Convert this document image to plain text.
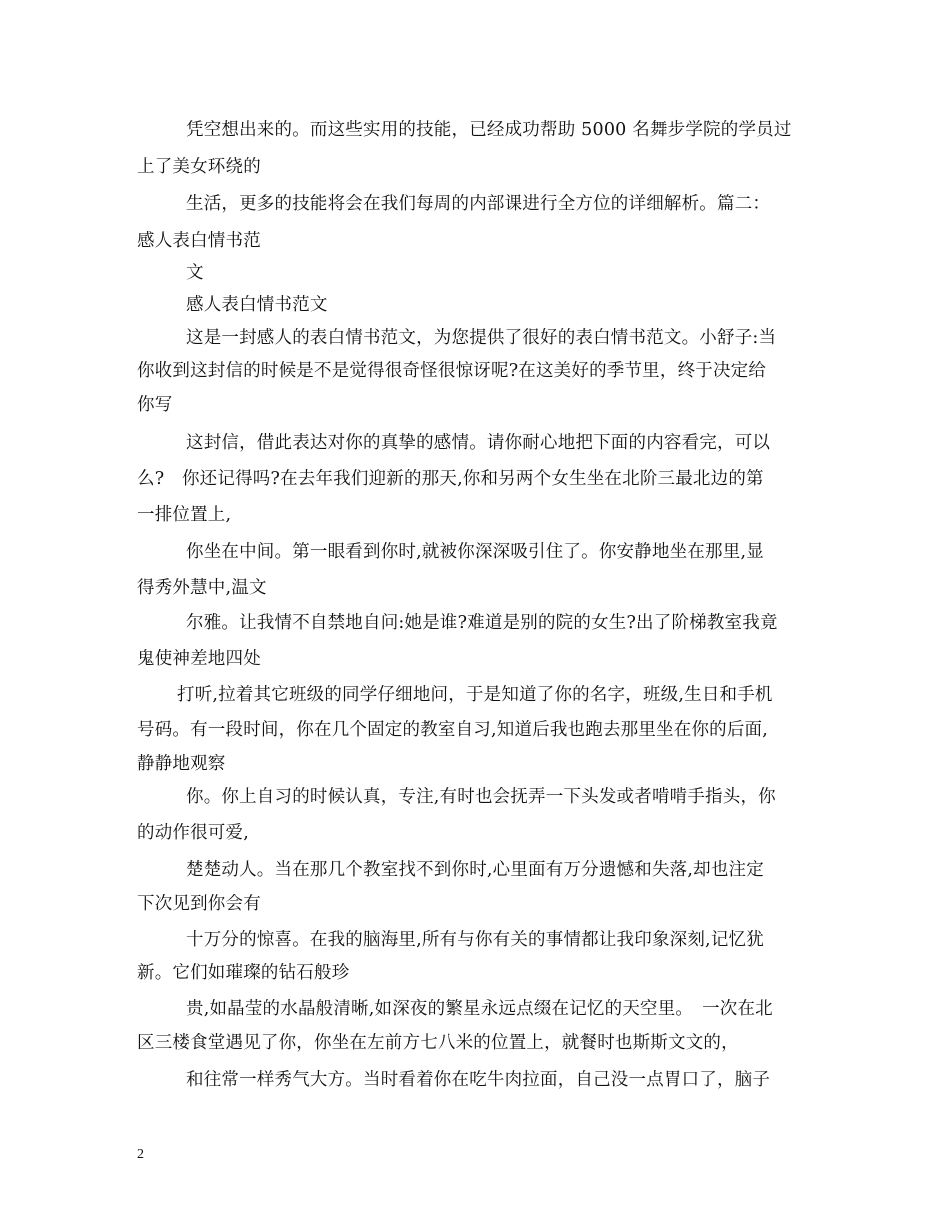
凭空想出来的。而这些实用的技能，已经成功帮助 5000 名舞步学院的学员过
上了美女环绕的
生活，更多的技能将会在我们每周的内部课进行全方位的详细解析。篇二：
感人表白情书范
文
感人表白情书范文
这是一封感人的表白情书范文，为您提供了很好的表白情书范文。小舒子:当
你收到这封信的时候是不是觉得很奇怪很惊讶呢?在这美好的季节里，终于决定给
你写
这封信，借此表达对你的真挚的感情。请你耐心地把下面的内容看完，可以
么?　你还记得吗?在去年我们迎新的那天,你和另两个女生坐在北阶三最北边的第
一排位置上,
你坐在中间。第一眼看到你时,就被你深深吸引住了。你安静地坐在那里,显
得秀外慧中,温文
尔雅。让我情不自禁地自问:她是谁?难道是别的院的女生?出了阶梯教室我竟
鬼使神差地四处
打听,拉着其它班级的同学仔细地问，于是知道了你的名字，班级,生日和手机
号码。有一段时间，你在几个固定的教室自习,知道后我也跑去那里坐在你的后面,
静静地观察
你。你上自习的时候认真，专注,有时也会抚弄一下头发或者啃啃手指头，你
的动作很可爱,
楚楚动人。当在那几个教室找不到你时,心里面有万分遗憾和失落,却也注定
下次见到你会有
十万分的惊喜。在我的脑海里,所有与你有关的事情都让我印象深刻,记忆犹
新。它们如璀璨的钻石般珍
贵,如晶莹的水晶般清晰,如深夜的繁星永远点缀在记忆的天空里。　一次在北
区三楼食堂遇见了你，你坐在左前方七八米的位置上，就餐时也斯斯文文的，
和往常一样秀气大方。当时看着你在吃牛肉拉面，自己没一点胃口了，脑子
2
